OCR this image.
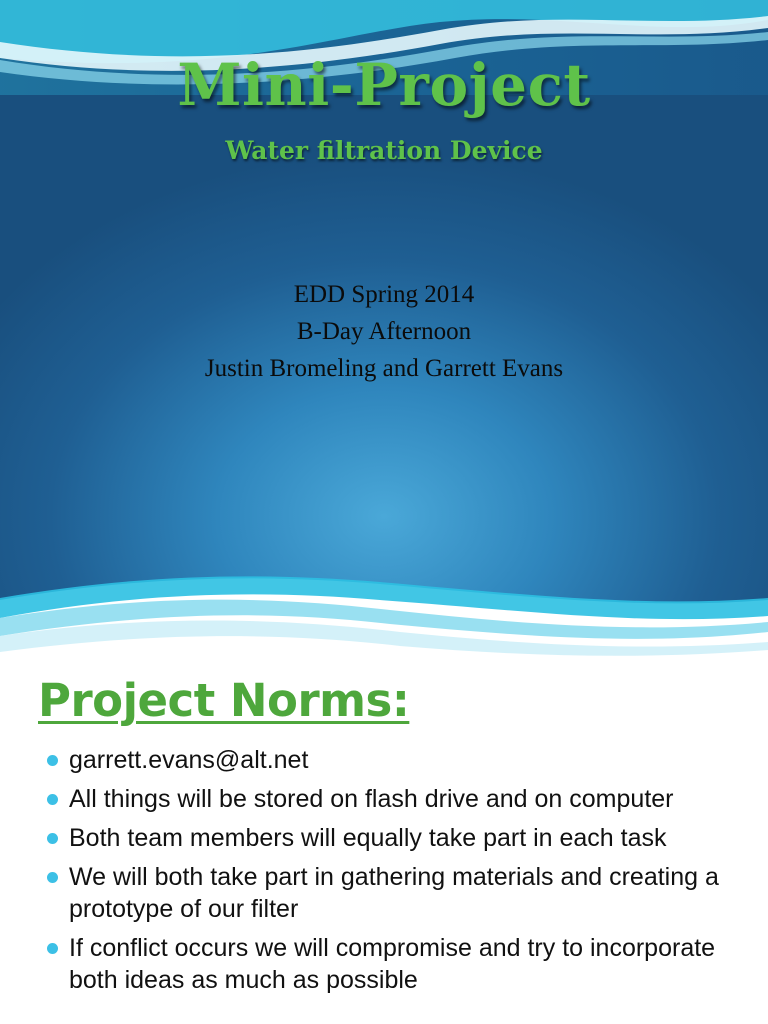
Mini-Project
Water filtration Device
EDD Spring 2014
B-Day Afternoon
Justin Bromeling and Garrett Evans
Project Norms:
garrett.evans@alt.net
All things will be stored on flash drive and on computer
Both team members will equally take part in each task
We will both take part in gathering materials and creating a prototype of our filter
If conflict occurs we will compromise and try to incorporate both ideas as much as possible
